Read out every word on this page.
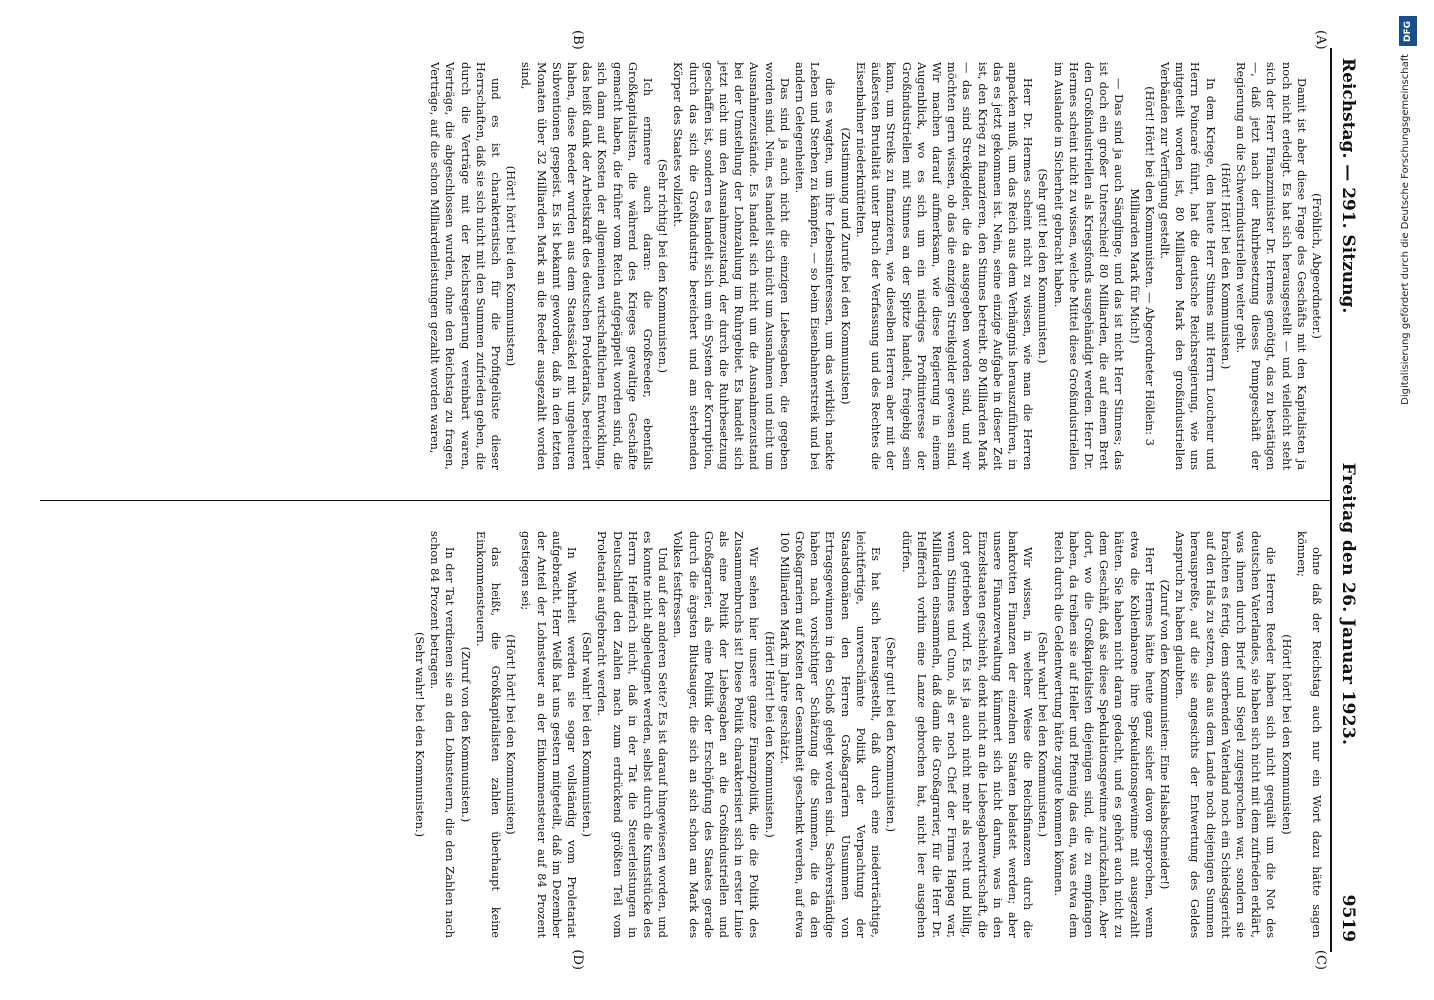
Reichstag. — 291. Sitzung.
Freitag den 26. Januar 1923.
9519
(A)
(B)
(C)
(D)

(Fröhlich, Abgeordneter.)

Damit ist aber diese Frage des Geschäfts mit den Kapitalisten ja noch nicht erledigt. Es hat sich herausgestellt — und vielleicht steht sich der Herr Finanzminister Dr. Hermes genötigt, das zu bestätigen —, daß jetzt nach der Ruhrbesetzung dieses Pumpgeschäft der Regierung an die Schwerindustriellen weiter geht.

(Hört! Hört! bei den Kommunisten.)

In dem Kriege, den heute Herr Stinnes mit Herrn Loucheur und Herrn Poincaré führt, hat die deutsche Reichsregierung, wie uns mitgeteilt worden ist, 80 Milliarden Mark den großindustriellen Verbänden zur Verfügung gestellt.

(Hört! Hört! bei den Kommunisten. — Abgeordneter Höllein: 3 Milliarden Mark für Mich!)

— Das sind ja auch Sänglinge, und das ist nicht Herr Stinnes; das ist doch ein großer Unterschied! 80 Milliarden, die auf einem Brett den Großindustriellen als Kriegsfonds ausgehändigt werden. Herr Dr. Hermes scheint nicht zu wissen, welche Mittel diese Großindustriellen im Auslande in Sicherheit gebracht haben.

(Sehr gut! bei den Kommunisten.)

Herr Dr. Hermes scheint nicht zu wissen, wie man die Herren anpacken muß, um das Reich aus dem Verhängnis herauszuführen, in das es jetzt gekommen ist. Nein, seine einzige Aufgabe in dieser Zeit ist, den Krieg zu finanzieren, den Stinnes betreibt. 80 Milliarden Mark — das sind Streikgelder, die da ausgegeben worden sind, und wir möchten gern wissen, ob das die einzigen Streikgelder gewesen sind. Wir machen darauf aufmerksam, wie diese Regierung in einem Augenblick, wo es sich um ein niedriges Profitinteresse der Großindustriellen mit Stinnes an der Spitze handelt, freigebig sein kann, um Streiks zu finanzieren, wie dieselben Herren aber mit der äußersten Brutalität unter Bruch der Verfassung und des Rechtes die Eisenbahner niederknüttelten.

(Zustimmung und Zurufe bei den Kommunisten)

die es wagten, um ihre Lebensinteressen, um das wirklich nackte Leben und Sterben zu kämpfen, — so beim Eisenbahnerstreik und bei andern Gelegenheiten.

Das sind ja auch nicht die einzigen Liebesgaben, die gegeben worden sind. Nein, es handelt sich nicht um Ausnahmen und nicht um Ausnahmezustände. Es handelt sich nicht um die Ausnahmezustand bei der Umstellung der Lohnzahlung im Ruhrgebiet. Es handelt sich jetzt nicht um den Ausnahmezustand, der durch die Ruhrbesetzung geschaffen ist, sondern es handelt sich um ein System der Korruption, durch das sich die Großindustrie bereichert und am sterbenden Körper des Staates vollzieht.

(Sehr richtig! bei den Kommunisten.)

Ich erinnere auch daran: die Großreeder, ebenfalls Großkapitalisten, die während des Krieges gewaltige Geschäfte gemacht haben, die früher vom Reich aufgepäppelt worden sind, die sich dann auf Kosten der allgemeinen wirtschaftlichen Entwicklung, das heißt dank der Arbeitskraft des deutschen Proletariats, bereichert haben, diese Reeder wurden aus dem Staatssäckel mit ungeheuren Subventionen gespeist. Es ist bekannt geworden, daß in den letzten Monaten über 32 Milliarden Mark an die Reeder ausgezahlt worden sind,

(Hört! hört! bei den Kommunisten)

und es ist charakteristisch für die Profitgelüste dieser Herrschaften, daß sie sich nicht mit den Summen zufrieden geben, die durch die Verträge mit der Reichsregierung vereinbart waren, Verträge, die abgeschlossen wurden, ohne den Reichstag zu fragen, Verträge, auf die schon Milliardenleistungen gezahlt worden waren,

ohne daß der Reichstag auch nur ein Wort dazu hätte sagen können;

(Hört! hört! bei den Kommunisten)

die Herren Reeder haben sich nicht gequält um die Not des deutschen Vaterlandes, sie haben sich nicht mit dem zufrieden erklärt, was ihnen durch Brief und Siegel zugesprochen war, sondern sie brachten es fertig, dem sterbenden Vaterland noch ein Schiedsgericht auf den Hals zu setzen, das aus dem Lande noch diejenigen Summen herauspreßte, auf die sie angesichts der Entwertung des Geldes Anspruch zu haben glaubten.

(Zuruf von den Kommunisten: Eine Halsabschneider!)

Herr Hermes hätte heute ganz sicher davon gesprochen, wenn etwa die Kohlenbarone ihre Spekulationsgewinne mit ausgezahlt hätten. Sie haben nicht daran gedacht, und es gehört auch nicht zu dem Geschäft, daß sie diese Spekulationsgewinne zurückzahlen. Aber dort, wo die Großkapitalisten diejenigen sind, die zu empfangen haben, da treiben sie auf Heller und Pfennig das ein, was etwa dem Reich durch die Geldentwertung hätte zugute kommen können.

(Sehr wahr! bei den Kommunisten.)

Wir wissen, in welcher Weise die Reichsfinanzen durch die bankrotten Finanzen der einzelnen Staaten belastet werden; aber unsere Finanzverwaltung kümmert sich nicht darum, was in den Einzelstaaten geschieht, denkt nicht an die Liebesgabenwirtschaft, die dort getrieben wird. Es ist ja auch nicht mehr als recht und billig, wenn Stinnes und Cuno, als er noch Chef der Firma Hapag war, Milliarden einsammeln, daß dann die Großagrarier, für die Herr Dr. Helfferich vorhin eine Lanze gebrochen hat, nicht leer ausgehen dürfen.

(Sehr gut! bei den Kommunisten.)

Es hat sich herausgestellt, daß durch eine niederträchtige, leichtfertige, unverschämte Politik der Verpachtung der Staatsdomänen den Herren Großagrariern Unsummen von Ertragsgewinnen in den Schoß gelegt worden sind. Sachverständige haben nach vorsichtiger Schätzung die Summen, die da den Großagrariern auf Kosten der Gesamtheit geschenkt werden, auf etwa 100 Milliarden Mark im Jahre geschätzt.

(Hört! Hört! bei den Kommunisten.)

Wir sehen hier unsere ganze Finanzpolitik, die die Politik des Zusammenbruchs ist! Diese Politik charakterisiert sich in erster Linie als eine Politik der Liebesgaben an die Großindustriellen und Großagrarier, als eine Politik der Erschöpfung des Staates gerade durch die ärgsten Blutsauger, die sich an sich schon am Mark des Volkes festfressen.

Und auf der anderen Seite? Es ist darauf hingewiesen worden, und es konnte nicht abgeleugnet werden, selbst durch die Kunststücke des Herrn Helfferich nicht, daß in der Tat die Steuerleistungen in Deutschland den Zahlen nach zum erdrückend größten Teil vom Proletariat aufgebracht werden.

(Sehr wahr! bei den Kommunisten.)

In Wahrheit werden sie sogar vollständig vom Proletariat aufgebracht. Herr Welß hat uns gestern mitgeteilt, daß im Dezember der Anteil der Lohnsteuer an der Einkommensteuer auf 84 Prozent gestiegen sei;

(Hört! hört! bei den Kommunisten)

das heißt, die Großkapitalisten zahlen überhaupt keine Einkommensteuern.

(Zuruf von den Kommunisten.)

In der Tat verdienen sie an den Lohnsteuern, die den Zahlen nach schon 84 Prozent betragen.

(Sehr wahr! bei den Kommunisten.)

DFG
Digitalisierung gefördert durch die Deutsche Forschungsgemeinschaft
